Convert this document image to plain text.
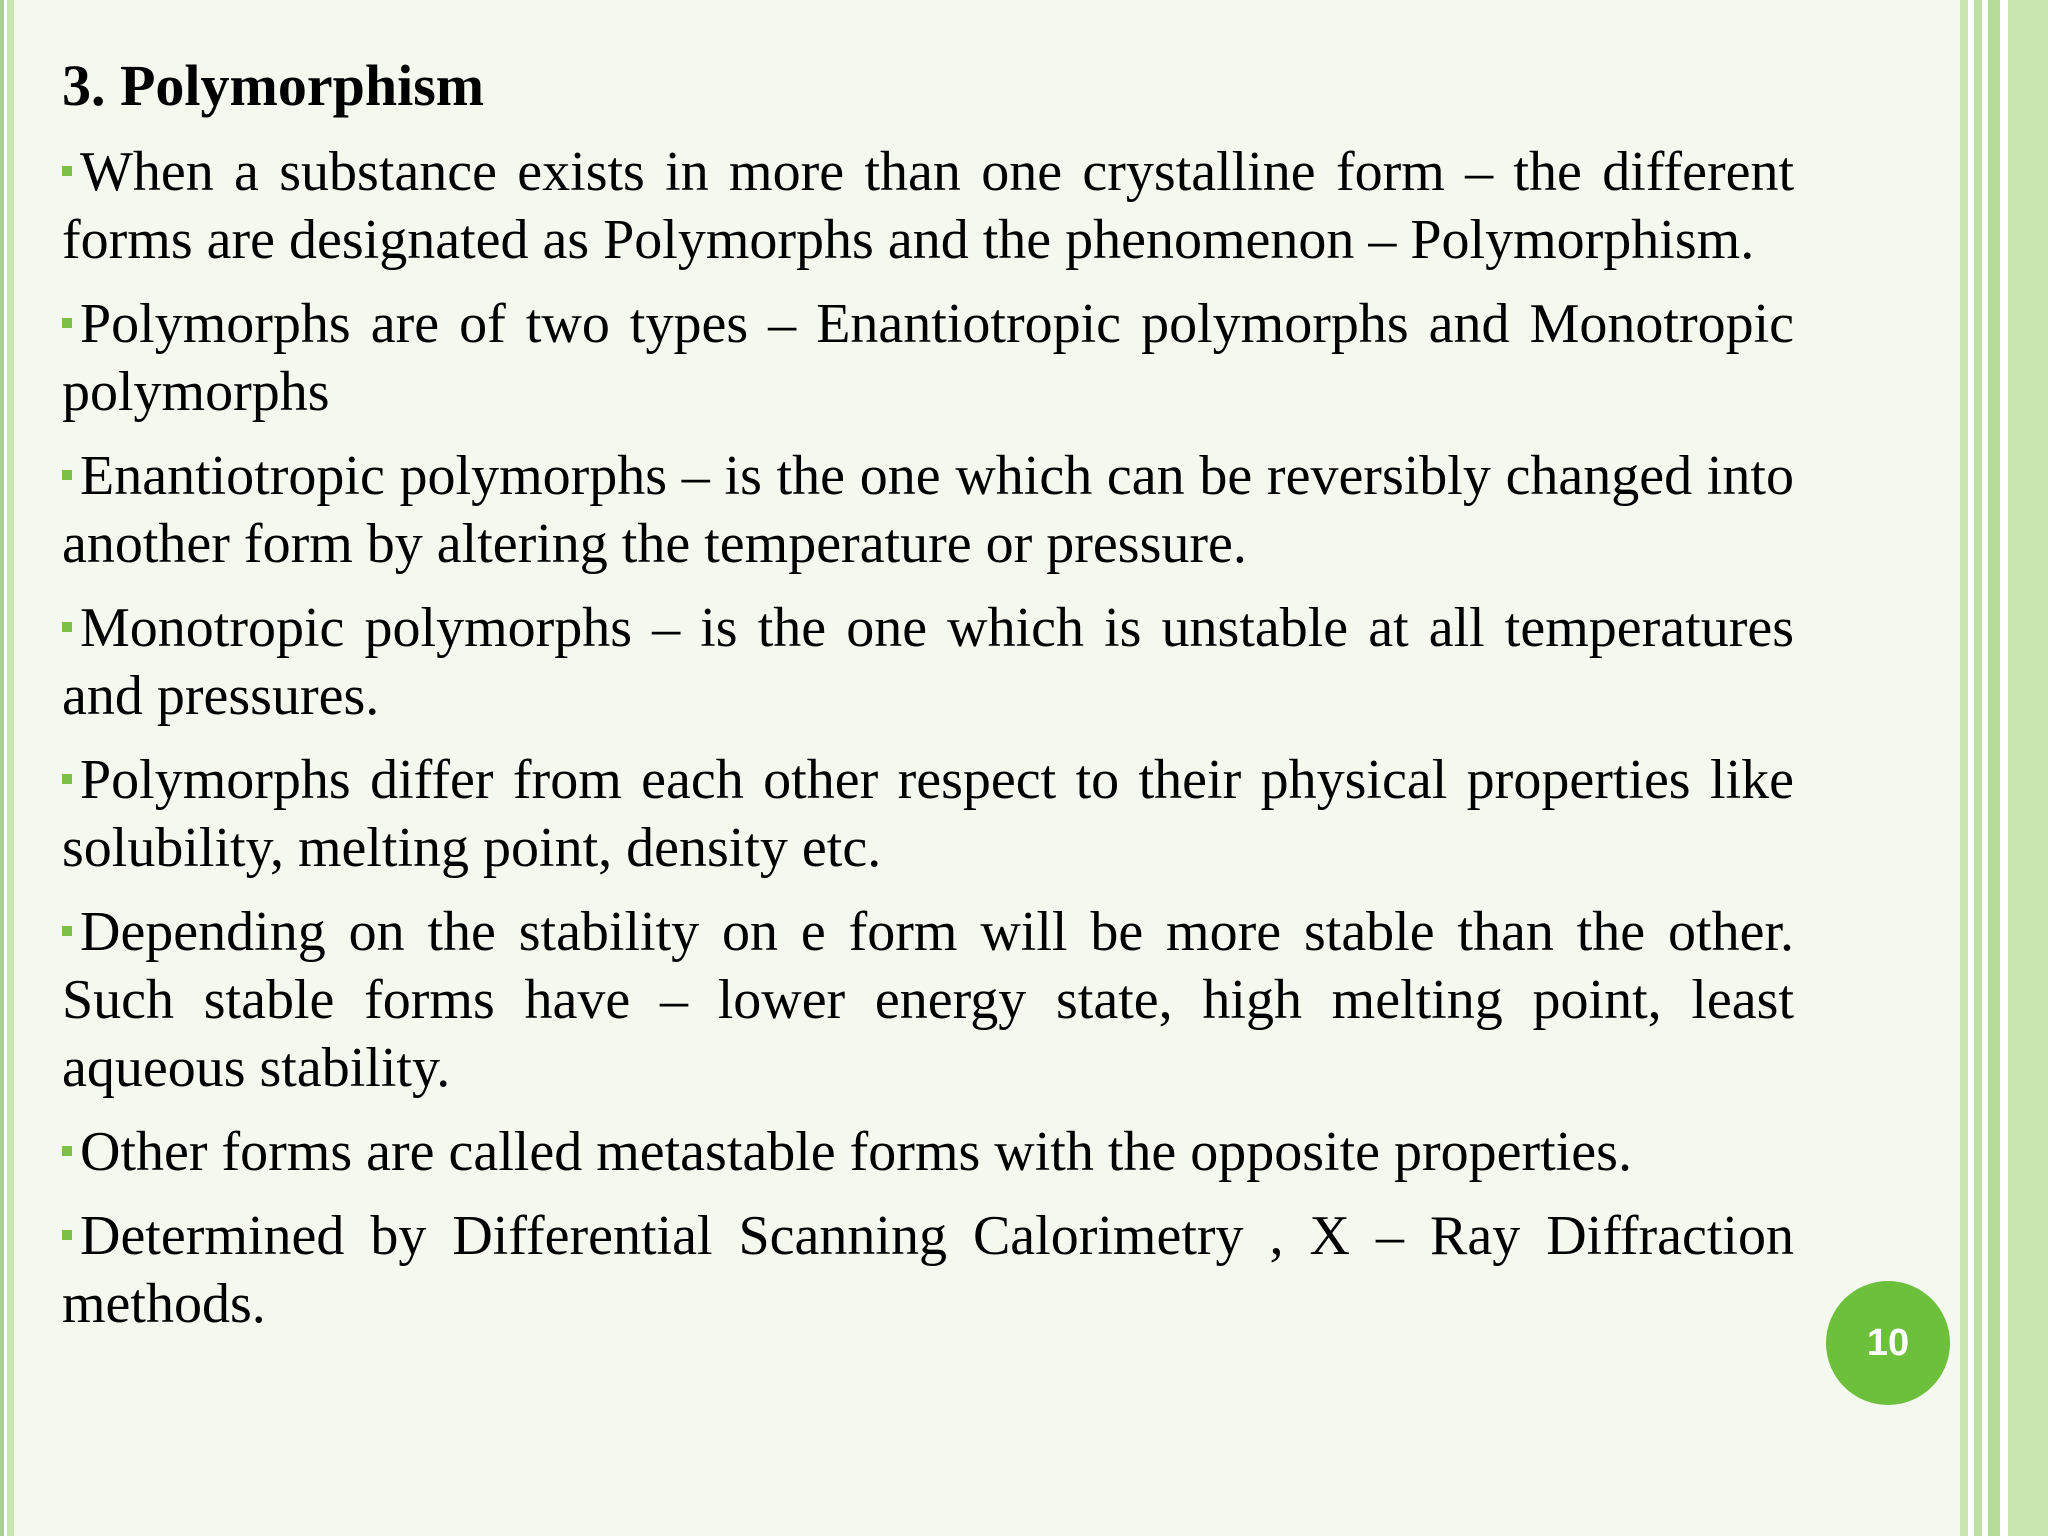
3. Polymorphism
When a substance exists in more than one crystalline form – the different forms are designated as Polymorphs and the phenomenon – Polymorphism.
Polymorphs are of two types – Enantiotropic polymorphs and Monotropic polymorphs
Enantiotropic polymorphs – is the one which can be reversibly changed into another form by altering the temperature or pressure.
Monotropic polymorphs – is the one which is unstable at all temperatures and pressures.
Polymorphs differ from each other respect to their physical properties like solubility, melting point, density etc.
Depending on the stability on e form will be more stable than the other. Such stable forms have – lower energy state, high melting point, least aqueous stability.
Other forms are called metastable forms with the opposite properties.
Determined by Differential Scanning Calorimetry , X – Ray Diffraction methods.
10
